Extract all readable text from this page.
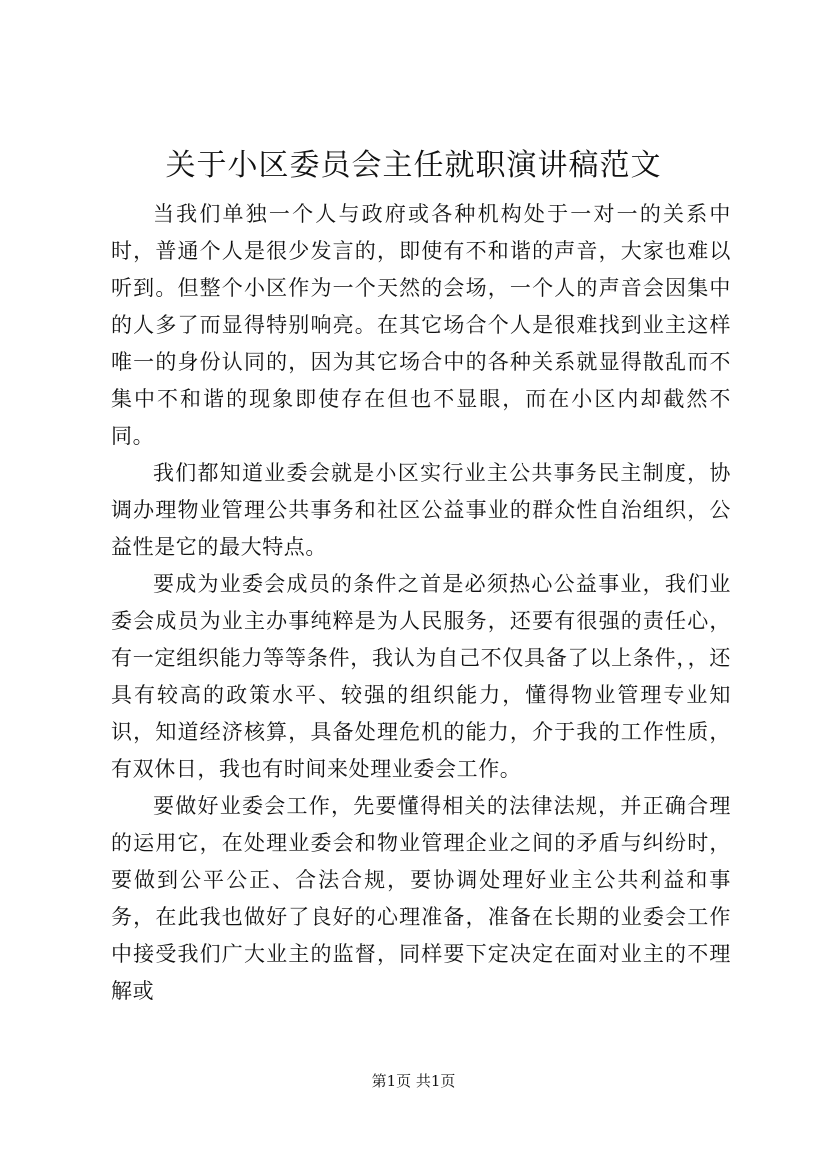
关于小区委员会主任就职演讲稿范文

当我们单独一个人与政府或各种机构处于一对一的关系中时，普通个人是很少发言的，即使有不和谐的声音，大家也难以听到。但整个小区作为一个天然的会场，一个人的声音会因集中的人多了而显得特别响亮。在其它场合个人是很难找到业主这样唯一的身份认同的，因为其它场合中的各种关系就显得散乱而不集中不和谐的现象即使存在但也不显眼，而在小区内却截然不同。

我们都知道业委会就是小区实行业主公共事务民主制度，协调办理物业管理公共事务和社区公益事业的群众性自治组织，公益性是它的最大特点。

要成为业委会成员的条件之首是必须热心公益事业，我们业委会成员为业主办事纯粹是为人民服务，还要有很强的责任心，有一定组织能力等等条件，我认为自己不仅具备了以上条件，，还具有较高的政策水平、较强的组织能力，懂得物业管理专业知识，知道经济核算，具备处理危机的能力，介于我的工作性质，有双休日，我也有时间来处理业委会工作。

要做好业委会工作，先要懂得相关的法律法规，并正确合理的运用它，在处理业委会和物业管理企业之间的矛盾与纠纷时，要做到公平公正、合法合规，要协调处理好业主公共利益和事务，在此我也做好了良好的心理准备，准备在长期的业委会工作中接受我们广大业主的监督，同样要下定决定在面对业主的不理解或

第1页 共1页
